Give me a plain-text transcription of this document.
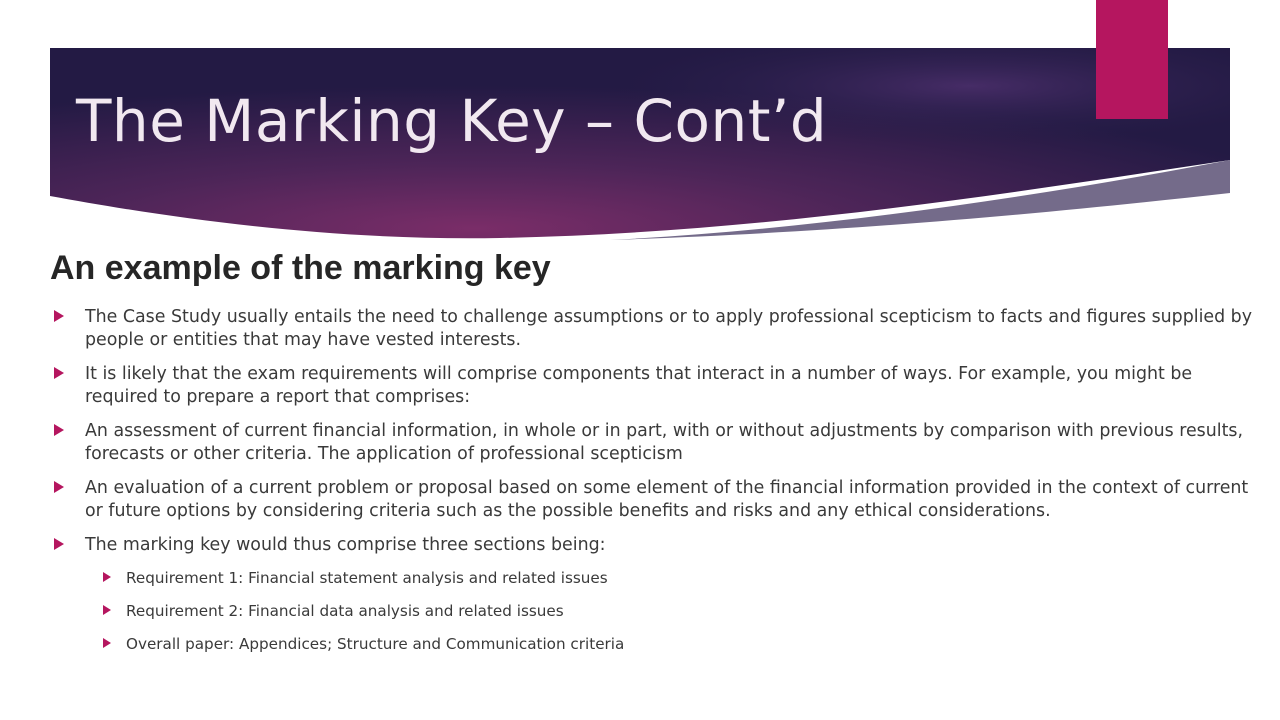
The Marking Key – Cont’d
An example of the marking key
The Case Study usually entails the need to challenge assumptions or to apply professional scepticism to facts and figures supplied by people or entities that may have vested interests.
It is likely that the exam requirements will comprise components that interact in a number of ways. For example, you might be required to prepare a report that comprises:
An assessment of current financial information, in whole or in part, with or without adjustments by comparison with previous results, forecasts or other criteria. The application of professional scepticism
An evaluation of a current problem or proposal based on some element of the financial information provided in the context of current or future options by considering criteria such as the possible benefits and risks and any ethical considerations.
The marking key would thus comprise three sections being:
Requirement 1: Financial statement analysis and related issues
Requirement 2: Financial data analysis and related issues
Overall paper: Appendices; Structure and Communication criteria
